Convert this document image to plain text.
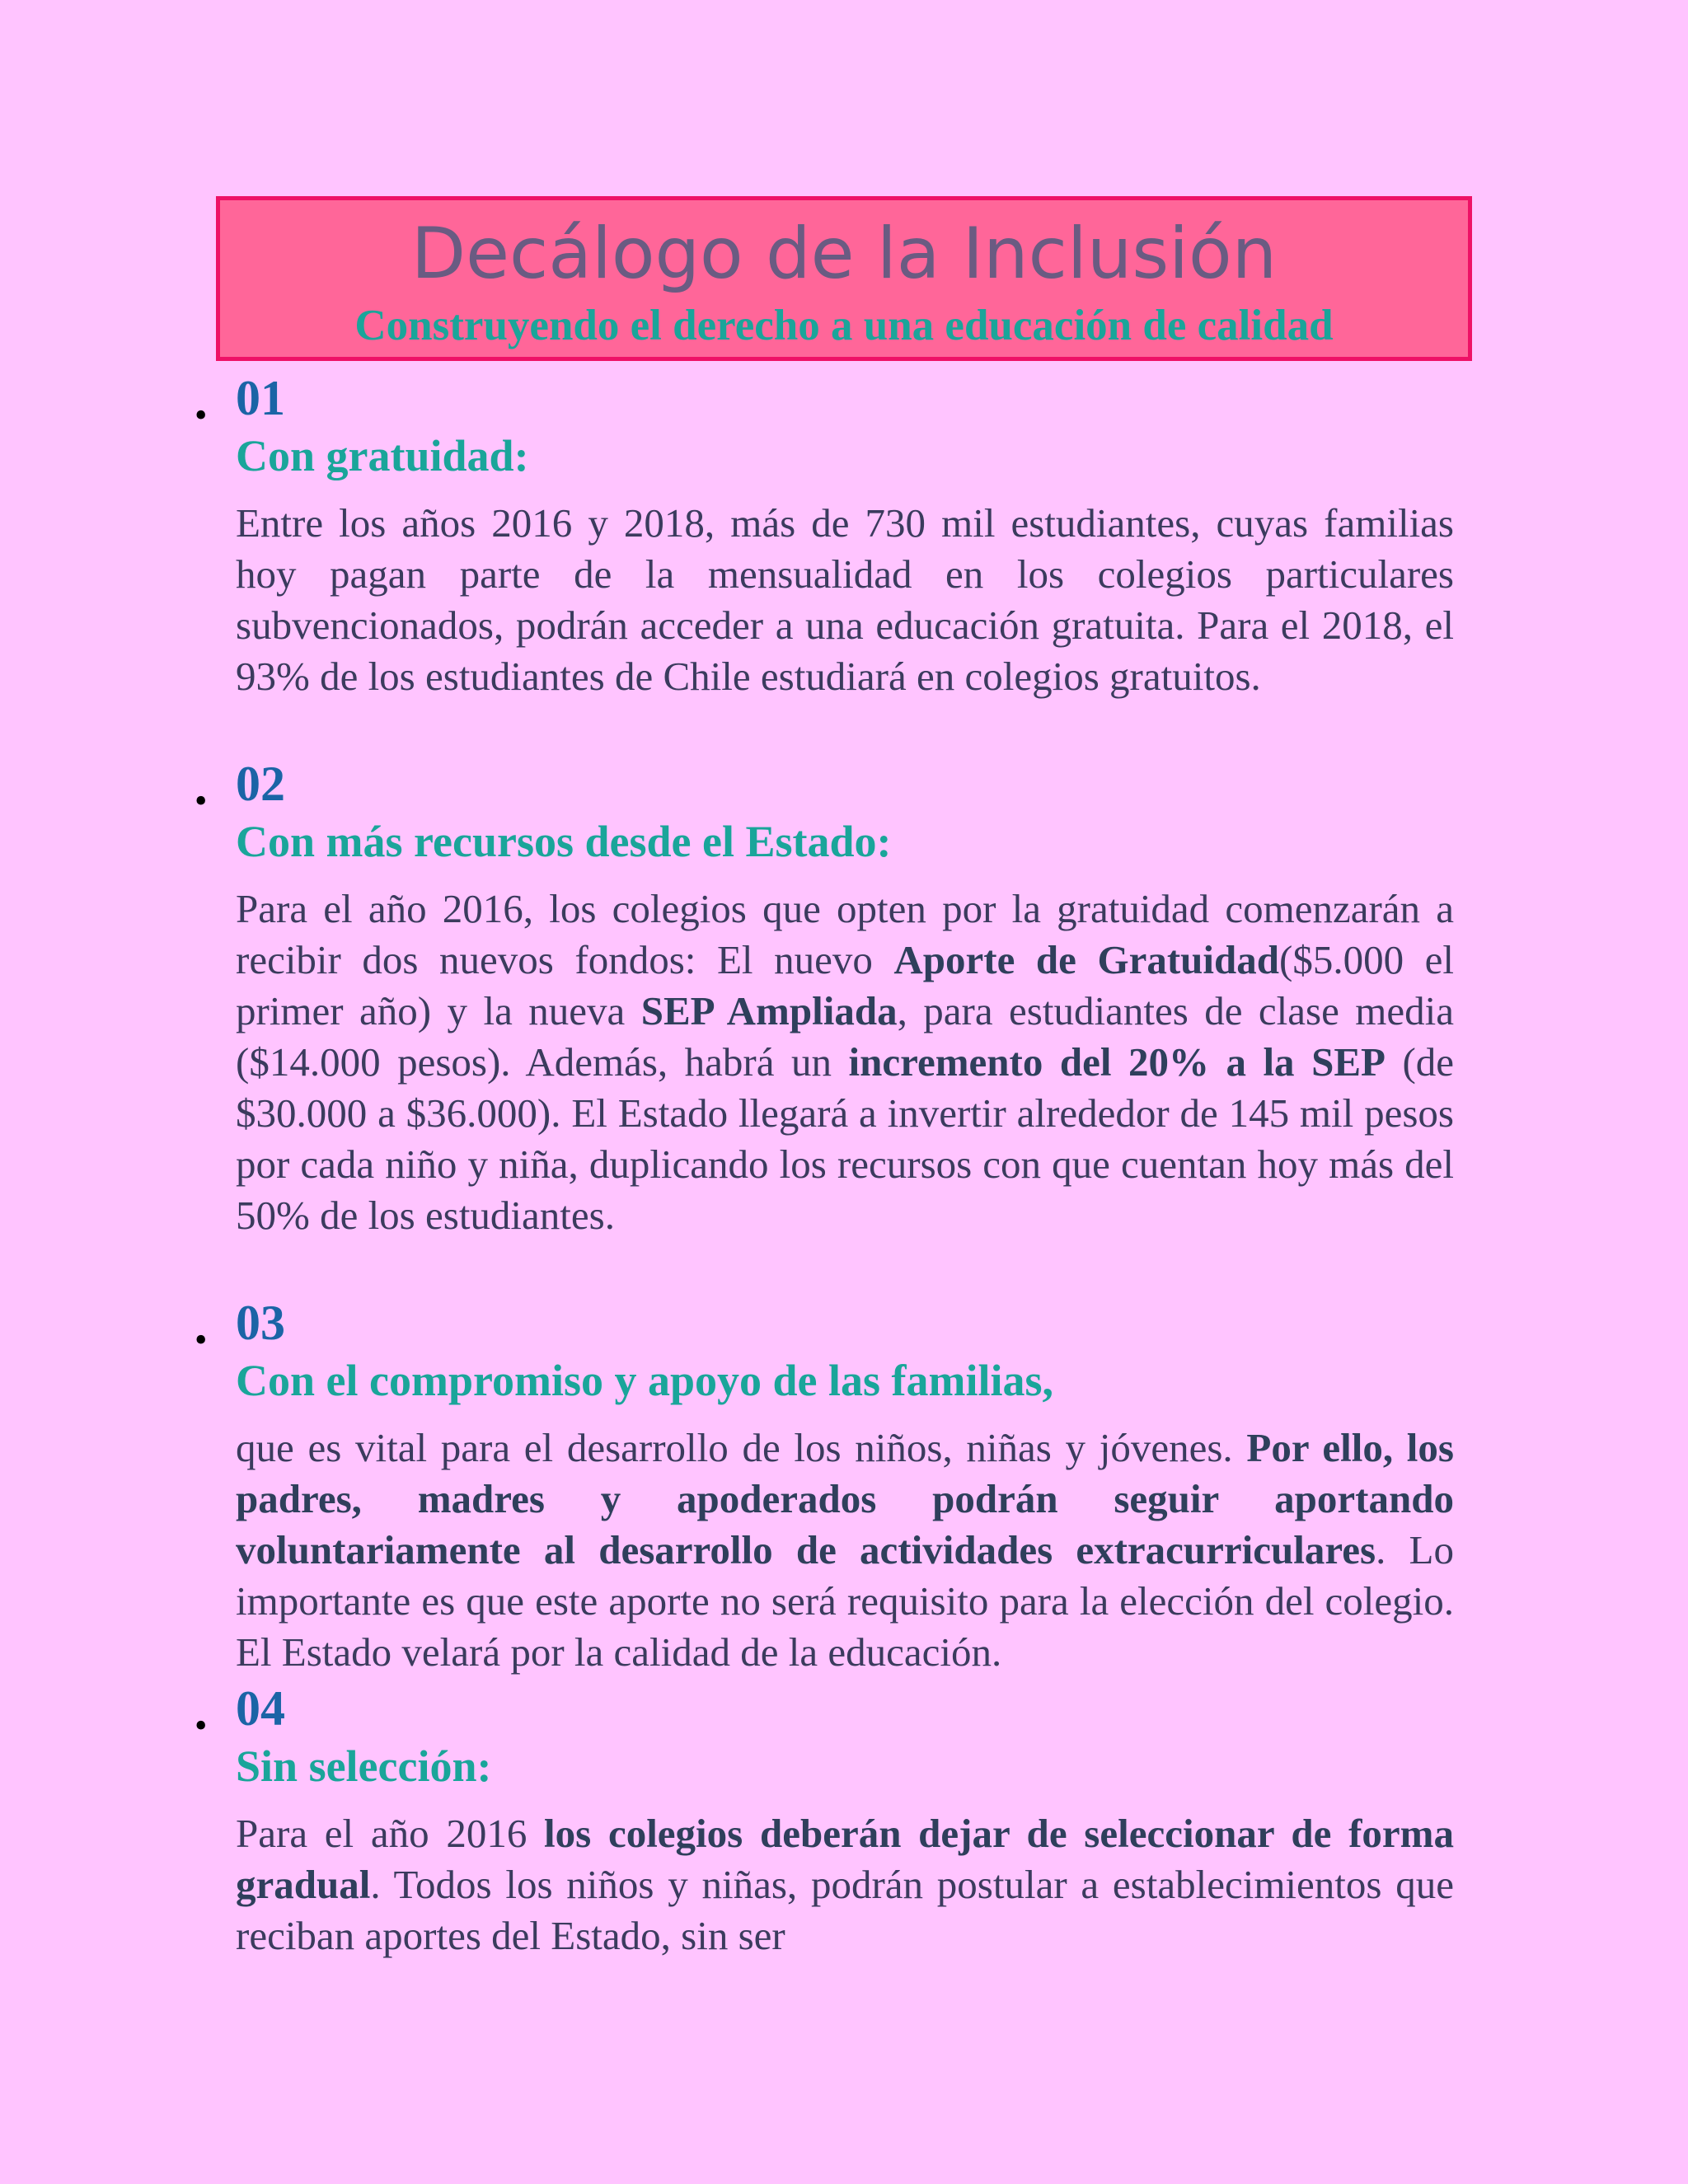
Decálogo de la Inclusión
Construyendo el derecho a una educación de calidad
• 01
Con gratuidad:
Entre los años 2016 y 2018, más de 730 mil estudiantes, cuyas familias hoy pagan parte de la mensualidad en los colegios particulares subvencionados, podrán acceder a una educación gratuita. Para el 2018, el 93% de los estudiantes de Chile estudiará en colegios gratuitos.
• 02
Con más recursos desde el Estado:
Para el año 2016, los colegios que opten por la gratuidad comenzarán a recibir dos nuevos fondos: El nuevo Aporte de Gratuidad($5.000 el primer año) y la nueva SEP Ampliada, para estudiantes de clase media ($14.000 pesos). Además, habrá un incremento del 20% a la SEP (de $30.000 a $36.000). El Estado llegará a invertir alrededor de 145 mil pesos por cada niño y niña, duplicando los recursos con que cuentan hoy más del 50% de los estudiantes.
• 03
Con el compromiso y apoyo de las familias,
que es vital para el desarrollo de los niños, niñas y jóvenes. Por ello, los padres, madres y apoderados podrán seguir aportando voluntariamente al desarrollo de actividades extracurriculares. Lo importante es que este aporte no será requisito para la elección del colegio. El Estado velará por la calidad de la educación.
• 04
Sin selección:
Para el año 2016 los colegios deberán dejar de seleccionar de forma gradual. Todos los niños y niñas, podrán postular a establecimientos que reciban aportes del Estado, sin ser
